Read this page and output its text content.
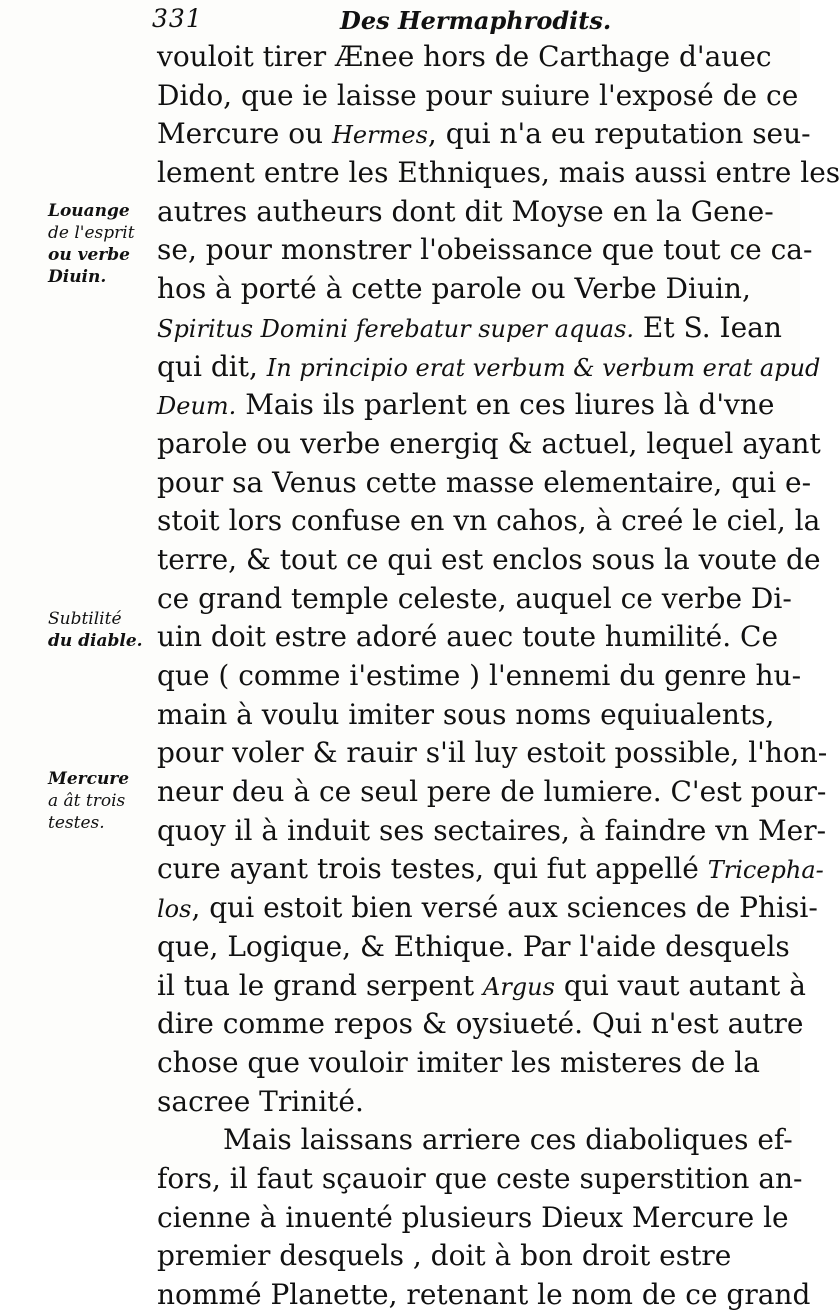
331	Des Hermaphrodits.
Louange
de l'esprit
ou verbe
Diuin.
Subtilité
du diable.
Mercure
a ât trois
testes.
vouloit tirer Ænee hors de Carthage d'auec
Dido, que ie laisse pour suiure l'exposé de ce
Mercure ou Hermes, qui n'a eu reputation seu-
lement entre les Ethniques, mais aussi entre les
autres autheurs dont dit Moyse en la Gene-
se, pour monstrer l'obeissance que tout ce ca-
hos à porté à cette parole ou Verbe Diuin,
Spiritus Domini ferebatur super aquas. Et S. Iean
qui dit, In principio erat verbum & verbum erat apud
Deum. Mais ils parlent en ces liures là d'vne
parole ou verbe energiq & actuel, lequel ayant
pour sa Venus cette masse elementaire, qui e-
stoit lors confuse en vn cahos, à creé le ciel, la
terre, & tout ce qui est enclos sous la voute de
ce grand temple celeste, auquel ce verbe Di-
uin doit estre adoré auec toute humilité. Ce
que ( comme i'estime ) l'ennemi du genre hu-
main à voulu imiter sous noms equiualents,
pour voler & rauir s'il luy estoit possible, l'hon-
neur deu à ce seul pere de lumiere. C'est pour-
quoy il à induit ses sectaires, à faindre vn Mer-
cure ayant trois testes, qui fut appellé Tricepha-
los, qui estoit bien versé aux sciences de Phisi-
que, Logique, & Ethique. Par l'aide desquels
il tua le grand serpent Argus qui vaut autant à
dire comme repos & oysiueté. Qui n'est autre
chose que vouloir imiter les misteres de la
sacree Trinité.
Mais laissans arriere ces diaboliques ef-
fors, il faut sçauoir que ceste superstition an-
cienne à inuenté plusieurs Dieux Mercure le
premier desquels , doit à bon droit estre
nommé Planette, retenant le nom de ce grand
